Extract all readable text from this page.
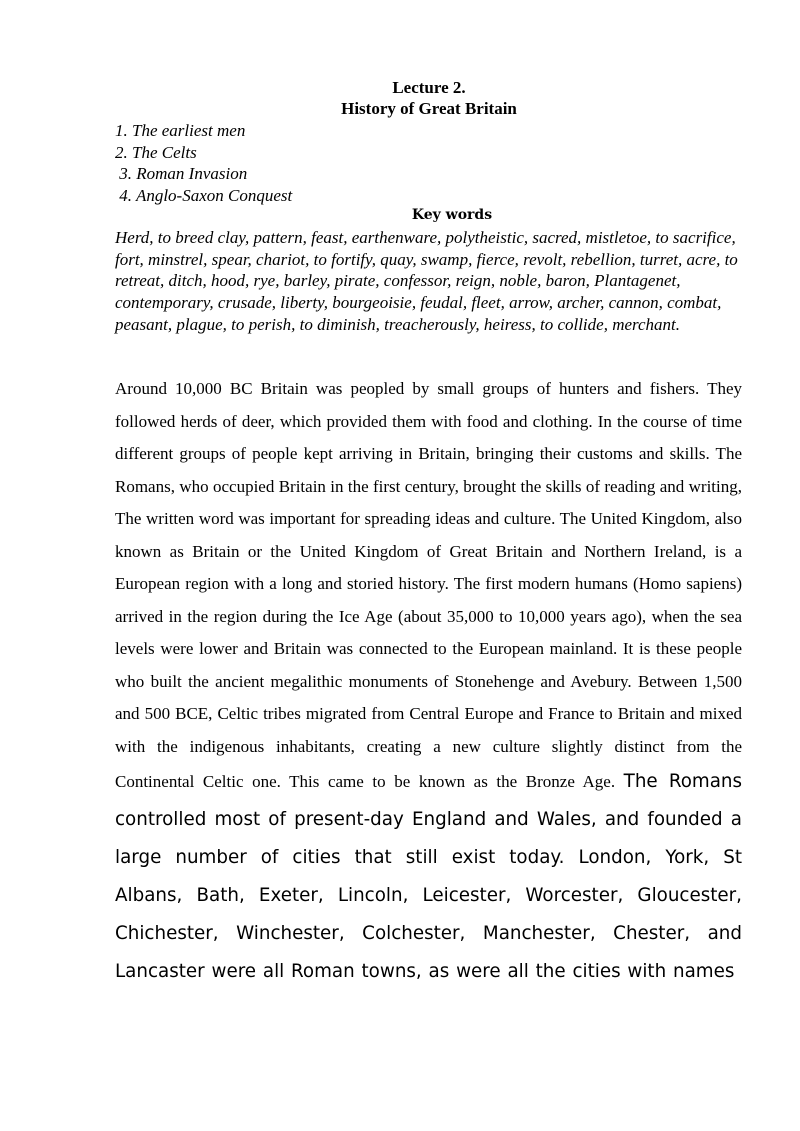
Lecture 2.
History of Great Britain
1. The earliest men
2. The Celts
3. Roman Invasion
4. Anglo-Saxon Conquest
Key words
Herd, to breed clay, pattern, feast, earthenware, polytheistic, sacred, mistletoe, to sacrifice, fort, minstrel, spear, chariot, to fortify, quay, swamp, fierce, revolt, rebellion, turret, acre, to retreat, ditch, hood, rye, barley, pirate, confessor, reign, noble, baron, Plantagenet, contemporary, crusade, liberty, bourgeoisie, feudal, fleet, arrow, archer, cannon, combat, peasant, plague, to perish, to diminish, treacherously, heiress, to collide, merchant.
Around 10,000 BC Britain was peopled by small groups of hunters and fishers. They followed herds of deer, which provided them with food and clothing. In the course of time different groups of people kept arriving in Britain, bringing their customs and skills. The Romans, who occupied Britain in the first century, brought the skills of reading and writing, The written word was important for spreading ideas and culture. The United Kingdom, also known as Britain or the United Kingdom of Great Britain and Northern Ireland, is a European region with a long and storied history. The first modern humans (Homo sapiens) arrived in the region during the Ice Age (about 35,000 to 10,000 years ago), when the sea levels were lower and Britain was connected to the European mainland. It is these people who built the ancient megalithic monuments of Stonehenge and Avebury. Between 1,500 and 500 BCE, Celtic tribes migrated from Central Europe and France to Britain and mixed with the indigenous inhabitants, creating a new culture slightly distinct from the Continental Celtic one. This came to be known as the Bronze Age. The Romans controlled most of present-day England and Wales, and founded a large number of cities that still exist today. London, York, St Albans, Bath, Exeter, Lincoln, Leicester, Worcester, Gloucester, Chichester, Winchester, Colchester, Manchester, Chester, and Lancaster were all Roman towns, as were all the cities with names
